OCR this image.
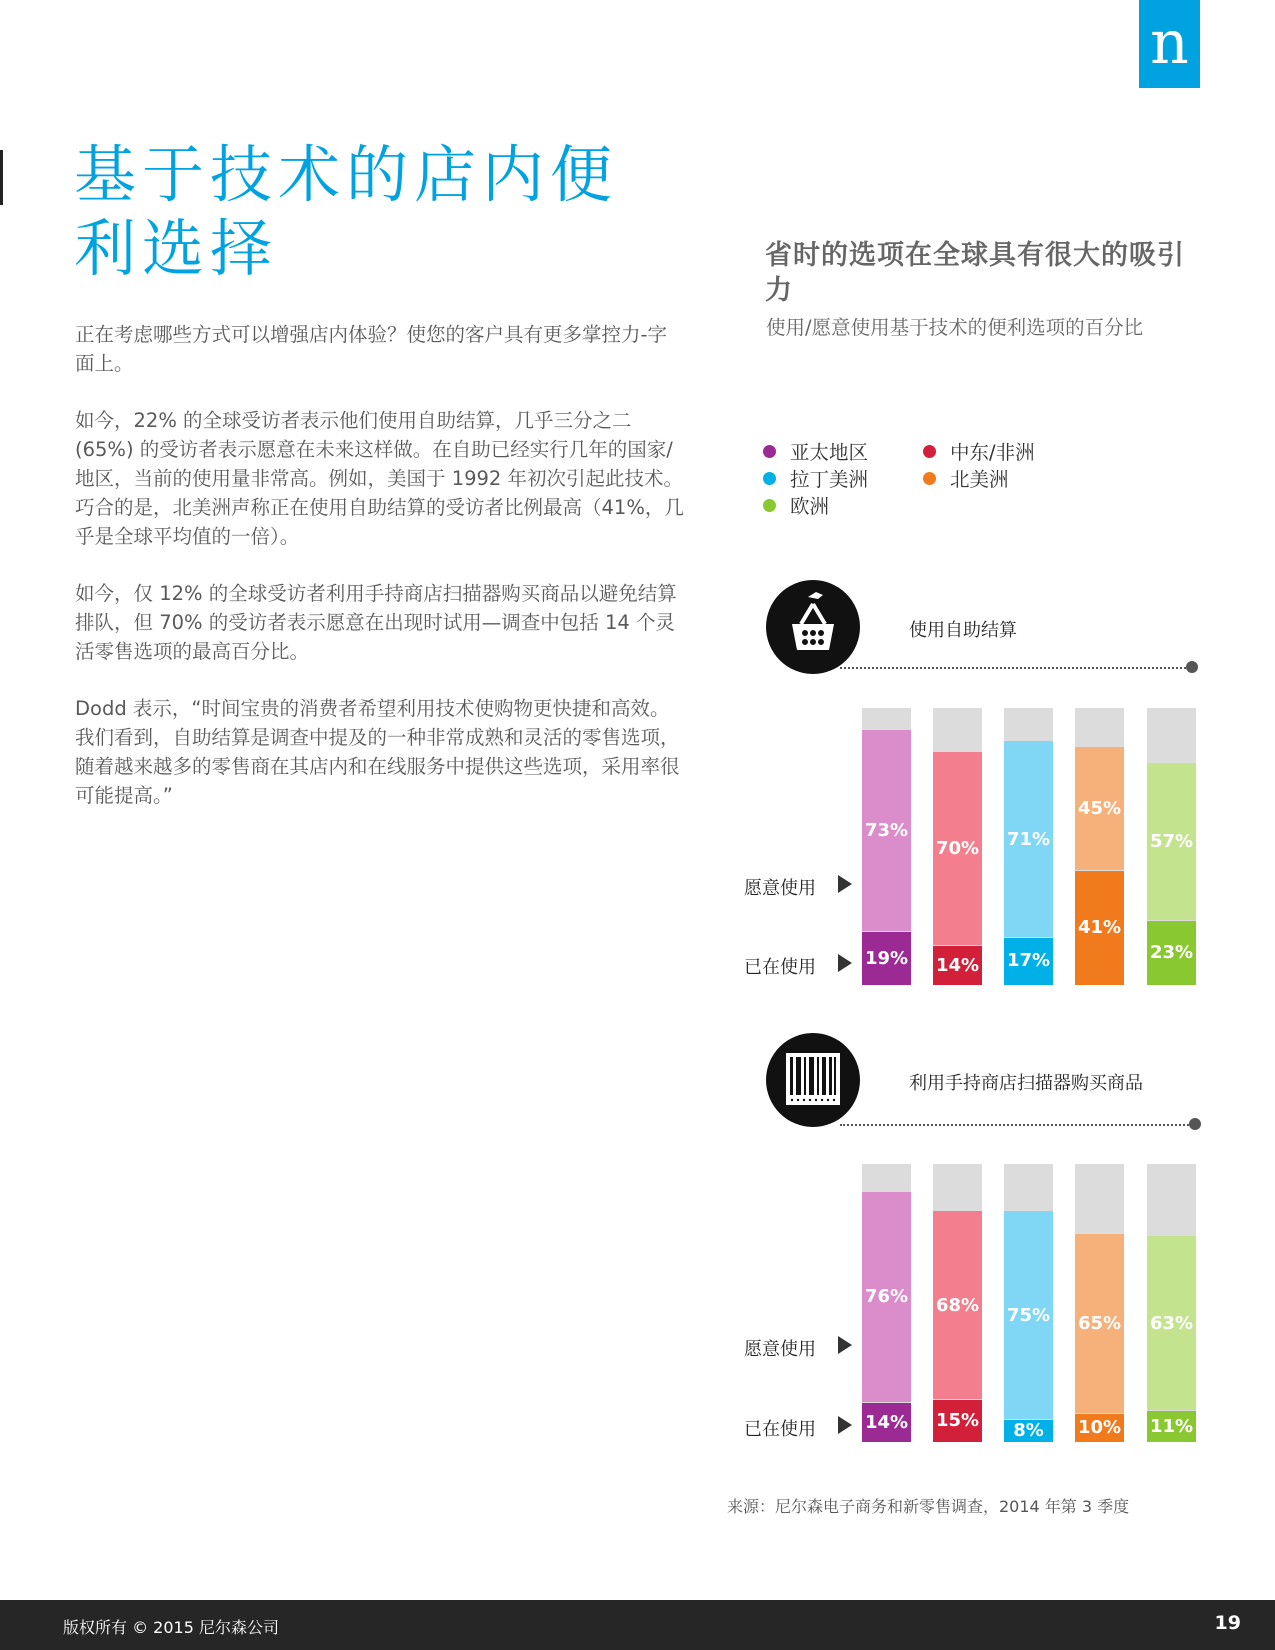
n
基于技术的店内便利选择

正在考虑哪些方式可以增强店内体验？使您的客户具有更多掌控力-字面上。

如今，22% 的全球受访者表示他们使用自助结算，几乎三分之二 (65%) 的受访者表示愿意在未来这样做。在自助已经实行几年的国家/地区，当前的使用量非常高。例如，美国于 1992 年初次引起此技术。巧合的是，北美洲声称正在使用自助结算的受访者比例最高（41%，几乎是全球平均值的一倍）。

如今，仅 12% 的全球受访者利用手持商店扫描器购买商品以避免结算排队，但 70% 的受访者表示愿意在出现时试用—调查中包括 14 个灵活零售选项的最高百分比。

Dodd 表示，“时间宝贵的消费者希望利用技术使购物更快捷和高效。我们看到，自助结算是调查中提及的一种非常成熟和灵活的零售选项，随着越来越多的零售商在其店内和在线服务中提供这些选项，采用率很可能提高。”

省时的选项在全球具有很大的吸引力
使用/愿意使用基于技术的便利选项的百分比
亚太地区	中东/非洲
拉丁美洲	北美洲
欧洲
使用自助结算
73%
19%
70%
14%
71%
17%
45%
41%
57%
23%
愿意使用
已在使用
利用手持商店扫描器购买商品
76%
14%
68%
15%
75%
8%
65%
10%
63%
11%
愿意使用
已在使用
来源：尼尔森电子商务和新零售调查，2014 年第 3 季度
版权所有 © 2015 尼尔森公司	19
